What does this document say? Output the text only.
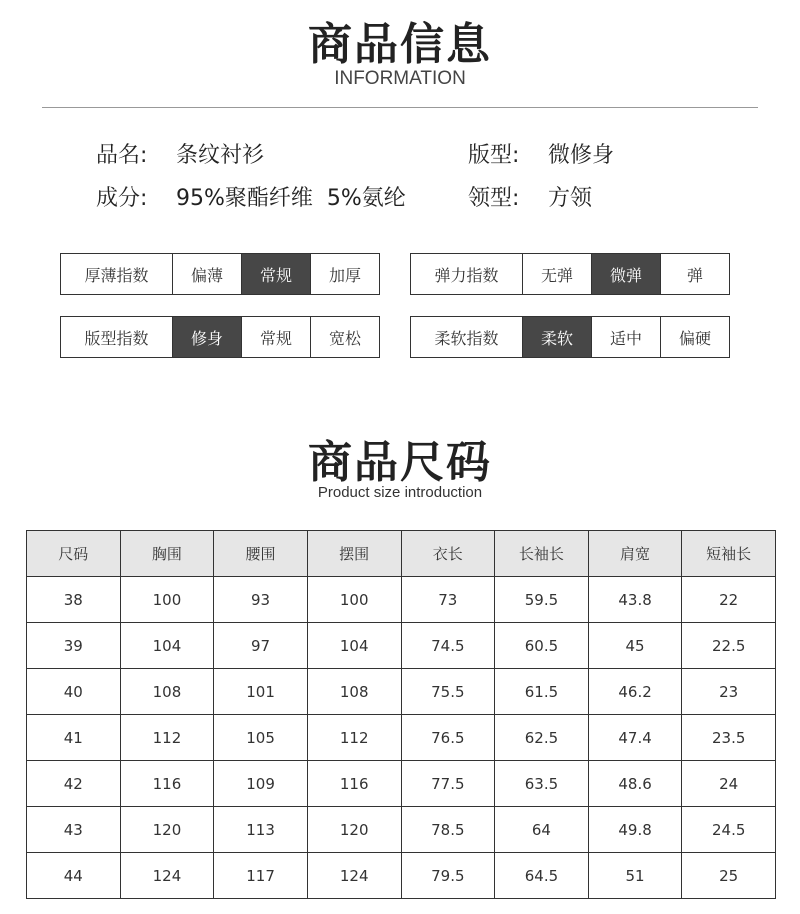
商品信息
INFORMATION
品名: 条纹衬衫	版型: 微修身
成分: 95%聚酯纤维  5%氨纶	领型: 方领
厚薄指数	偏薄	常规	加厚	弹力指数	无弹	微弹	弹
版型指数	修身	常规	宽松	柔软指数	柔软	适中	偏硬
商品尺码
Product size introduction
尺码	胸围	腰围	摆围	衣长	长袖长	肩宽	短袖长
38	100	93	100	73	59.5	43.8	22
39	104	97	104	74.5	60.5	45	22.5
40	108	101	108	75.5	61.5	46.2	23
41	112	105	112	76.5	62.5	47.4	23.5
42	116	109	116	77.5	63.5	48.6	24
43	120	113	120	78.5	64	49.8	24.5
44	124	117	124	79.5	64.5	51	25
